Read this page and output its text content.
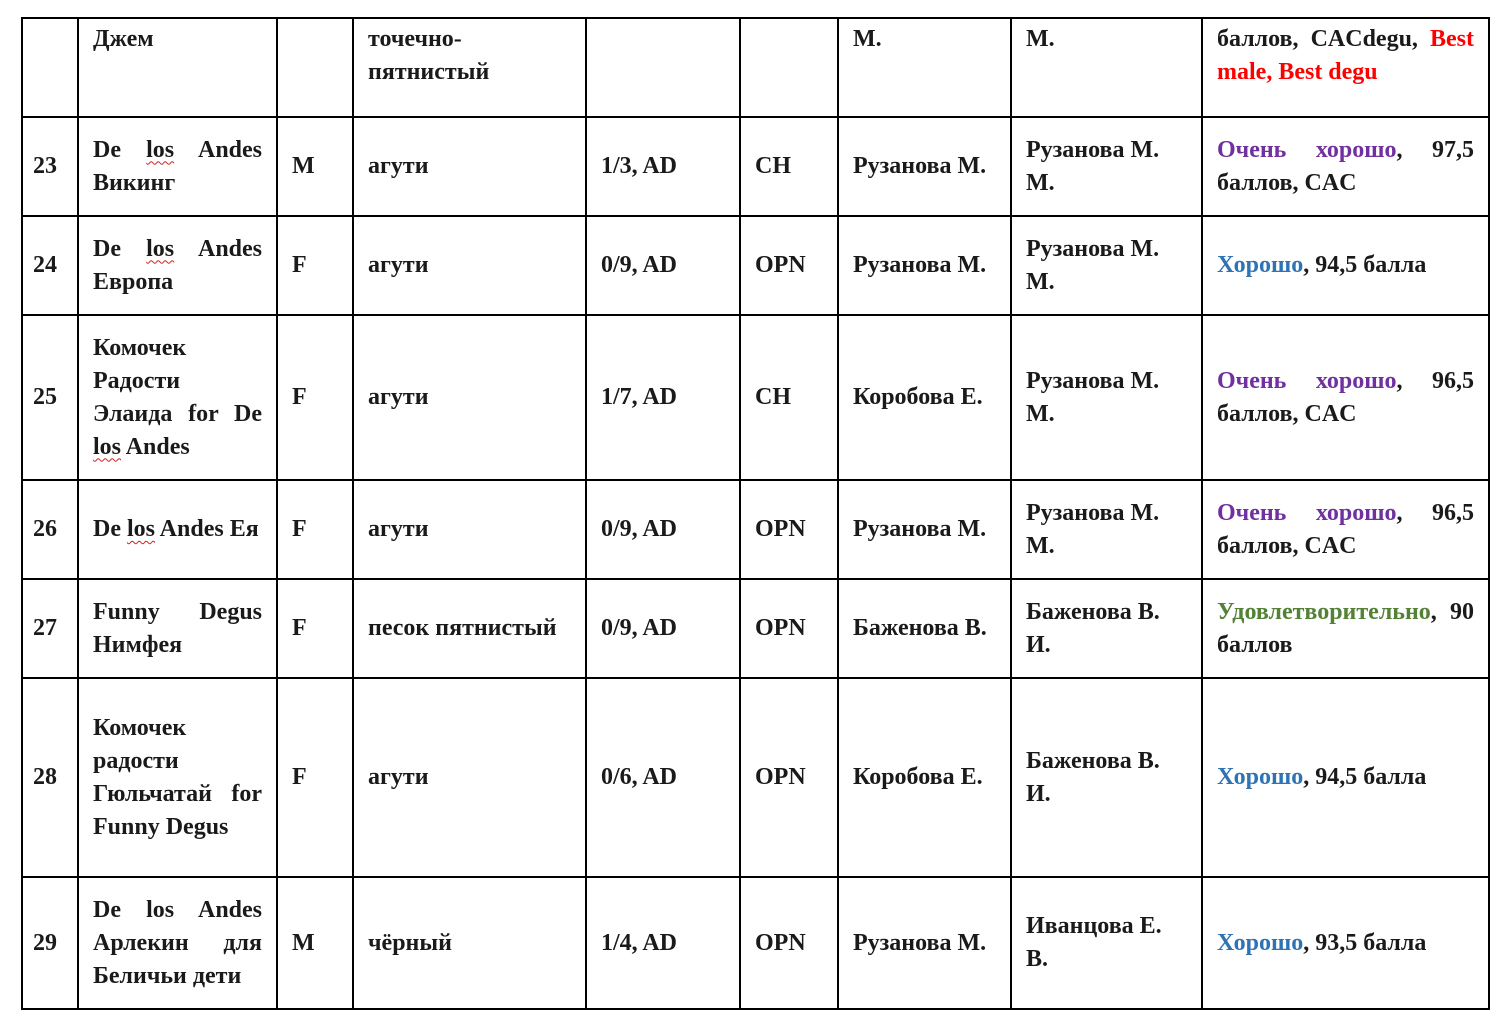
	Джем		точечно-пятнистый			М.	М.	баллов, CACdegu, Best male, Best degu
23	De los Andes Викинг	M	агути	1/3, AD	CH	Рузанова М.	Рузанова М. М.	Очень хорошо, 97,5 баллов, CAC
24	De los Andes Европа	F	агути	0/9, AD	OPN	Рузанова М.	Рузанова М. М.	Хорошо, 94,5 балла
25	Комочек Радости Элаида for De los Andes	F	агути	1/7, AD	CH	Коробова Е.	Рузанова М. М.	Очень хорошо, 96,5 баллов, CAC
26	De los Andes Ея	F	агути	0/9, AD	OPN	Рузанова М.	Рузанова М. М.	Очень хорошо, 96,5 баллов, CAC
27	Funny Degus Нимфея	F	песок пятнистый	0/9, AD	OPN	Баженова В.	Баженова В. И.	Удовлетворительно, 90 баллов
28	Комочек радости Гюльчатай for Funny Degus	F	агути	0/6, AD	OPN	Коробова Е.	Баженова В. И.	Хорошо, 94,5 балла
29	De los Andes Арлекин для Беличьи дети	M	чёрный	1/4, AD	OPN	Рузанова М.	Иванцова Е. В.	Хорошо, 93,5 балла
